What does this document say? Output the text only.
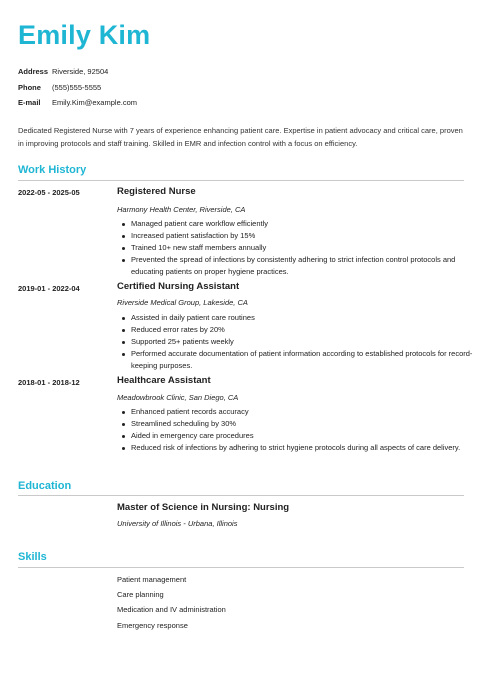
Emily Kim
Address Riverside, 92504
Phone (555)555-5555
E-mail Emily.Kim@example.com
Dedicated Registered Nurse with 7 years of experience enhancing patient care. Expertise in patient advocacy and critical care, proven in improving protocols and staff training. Skilled in EMR and infection control with a focus on efficiency.
Work History
2022-05 - 2025-05	Registered Nurse
Harmony Health Center, Riverside, CA
Managed patient care workflow efficiently
Increased patient satisfaction by 15%
Trained 10+ new staff members annually
Prevented the spread of infections by consistently adhering to strict infection control protocols and educating patients on proper hygiene practices.
2019-01 - 2022-04	Certified Nursing Assistant
Riverside Medical Group, Lakeside, CA
Assisted in daily patient care routines
Reduced error rates by 20%
Supported 25+ patients weekly
Performed accurate documentation of patient information according to established protocols for record-keeping purposes.
2018-01 - 2018-12	Healthcare Assistant
Meadowbrook Clinic, San Diego, CA
Enhanced patient records accuracy
Streamlined scheduling by 30%
Aided in emergency care procedures
Reduced risk of infections by adhering to strict hygiene protocols during all aspects of care delivery.
Education
Master of Science in Nursing: Nursing
University of Illinois - Urbana, Illinois
Skills
Patient management
Care planning
Medication and IV administration
Emergency response
